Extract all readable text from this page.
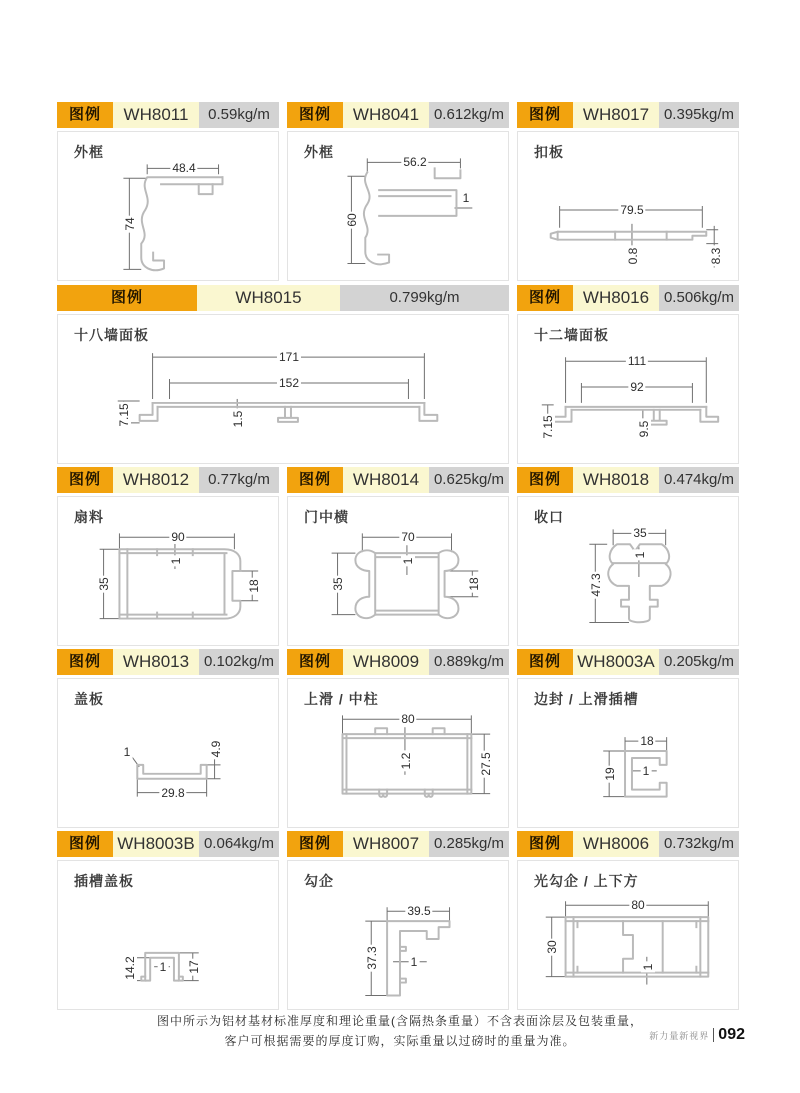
图例	WH8011	0.59kg/m
外框
48.4
74
图例	WH8041 0.612kg/m
外框
56.2
60
1
图例	WH8017 0.395kg/m
扣板
79.5
0.8	8.3
图例	WH8015	0.799kg/m
十八墙面板
171
152
7.15	1.5
图例	WH8016 0.506kg/m
十二墙面板
111
92
7.15	9.5
图例	WH8012	0.77kg/m
扇料
90
35
1
18
图例	WH8014 0.625kg/m
门中横
70
35
1
18
图例	WH8018 0.474kg/m
收口
35
1
47.3
图例	WH8013 0.102kg/m
盖板
1	4.9
29.8
图例	WH8009 0.889kg/m
上滑 / 中柱
80
1.2	27.5
图例 WH8003A 0.205kg/m
边封 / 上滑插槽
18
1
19
图例 WH8003B 0.064kg/m
插槽盖板
14.2 1 17
图例	WH8007 0.285kg/m
勾企
39.5
37.3	1
图例	WH8006 0.732kg/m
光勾企 / 上下方
80
30
1
图中所示为铝材基材标准厚度和理论重量(含隔热条重量）不含表面涂层及包装重量，
客户可根据需要的厚度订购，实际重量以过磅时的重量为准。	新力量新视界 092
